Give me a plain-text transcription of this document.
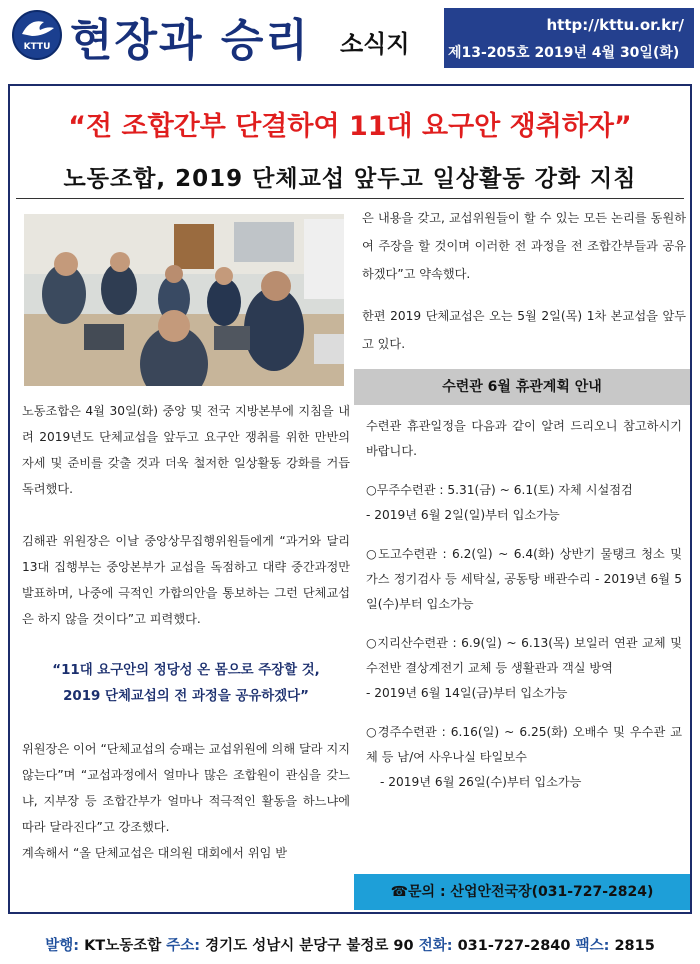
KTTU 현장과 승리 소식지
http://kttu.or.kr/
제13-205호 2019년 4월 30일(화)
“전 조합간부 단결하여 11대 요구안 쟁취하자”
노동조합, 2019 단체교섭 앞두고 일상활동 강화 지침

노동조합은 4월 30일(화) 중앙 및 전국 지방본부에 지침을 내려 2019년도 단체교섭을 앞두고 요구안 쟁취를 위한 만반의 자세 및 준비를 갖출 것과 더욱 철저한 일상활동 강화를 거듭 독려했다.

김해관 위원장은 이날 중앙상무집행위원들에게 “과거와 달리 13대 집행부는 중앙본부가 교섭을 독점하고 대략 중간과정만 발표하며, 나중에 극적인 가합의안을 통보하는 그런 단체교섭은 하지 않을 것이다”고 피력했다.

“11대 요구안의 정당성 온 몸으로 주장할 것,

2019 단체교섭의 전 과정을 공유하겠다”

위원장은 이어 “단체교섭의 승패는 교섭위원에 의해 달라 지지 않는다”며 “교섭과정에서 얼마나 많은 조합원이 관심을 갖느냐, 지부장 등 조합간부가 얼마나 적극적인 활동을 하느냐에 따라 달라진다”고 강조했다.

계속해서 “올 단체교섭은 대의원 대회에서 위임 받

은 내용을 갖고, 교섭위원들이 할 수 있는 모든 논리를 동원하여 주장을 할 것이며 이러한 전 과정을 전 조합간부들과 공유하겠다”고 약속했다.

한편 2019 단체교섭은 오는 5월 2일(목) 1차 본교섭을 앞두고 있다.

수련관 6월 휴관계획 안내

수련관 휴관일정을 다음과 같이 알려 드리오니 참고하시기 바랍니다.

○무주수련관 : 5.31(금) ~ 6.1(토) 자체 시설점검

- 2019년 6월 2일(일)부터 입소가능

○도고수련관 : 6.2(일) ~ 6.4(화) 상반기 물탱크 청소 및 가스 정기검사 등 세탁실, 공동탕 배관수리 - 2019년 6월 5일(수)부터 입소가능

○지리산수련관 : 6.9(일) ~ 6.13(목) 보일러 연관 교체 및 수전반 결상계전기 교체 등 생활관과 객실 방역

- 2019년 6월 14일(금)부터 입소가능

○경주수련관 : 6.16(일) ~ 6.25(화) 오배수 및 우수관 교체 등 남/여 사우나실 타일보수

- 2019년 6월 26일(수)부터 입소가능

☎문의 : 산업안전국장(031-727-2824)
발행: KT노동조합 주소: 경기도 성남시 분당구 불정로 90 전화: 031-727-2840 팩스: 2815
